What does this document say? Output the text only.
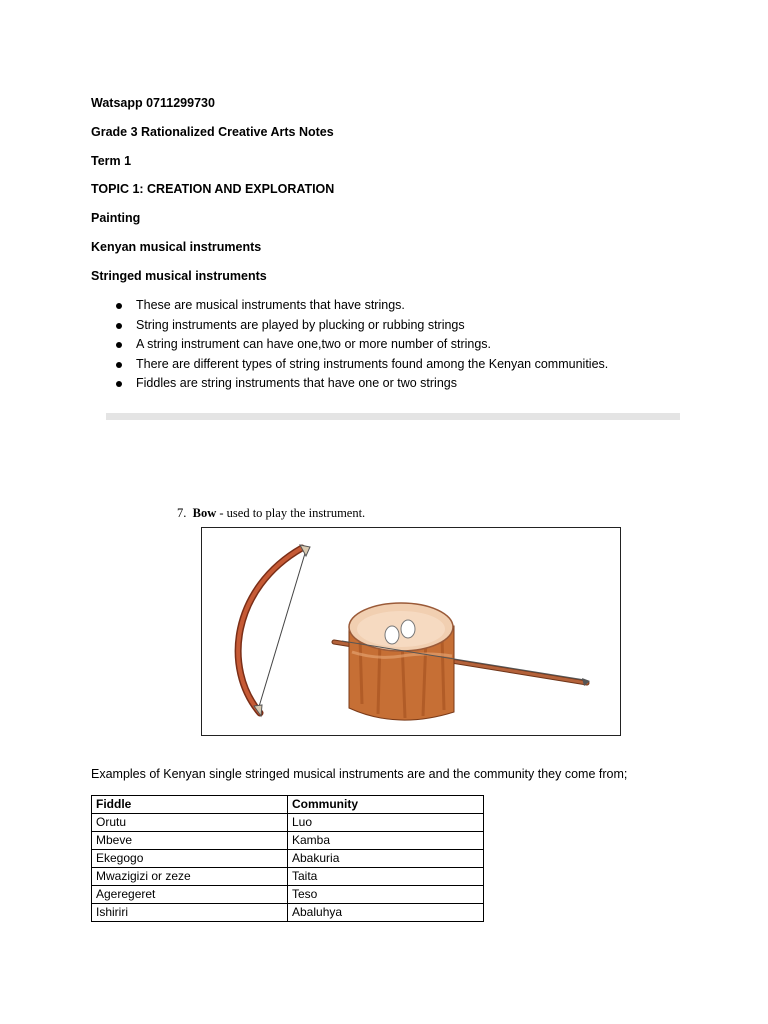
Watsapp 0711299730
Grade 3 Rationalized Creative Arts Notes
Term 1
TOPIC 1: CREATION AND EXPLORATION
Painting
Kenyan musical instruments
Stringed musical instruments
These are musical instruments that have strings.
String instruments are played by plucking or rubbing strings
A string instrument can have one,two or more number of strings.
There are different types of string instruments found among the Kenyan communities.
Fiddles are string instruments that have one or two strings
7. Bow - used to play the instrument.
Examples of Kenyan single stringed musical instruments are and the community they come from;
Fiddle	Community
Orutu	Luo
Mbeve	Kamba
Ekegogo	Abakuria
Mwazigizi or zeze	Taita
Ageregeret	Teso
Ishiriri	Abaluhya
